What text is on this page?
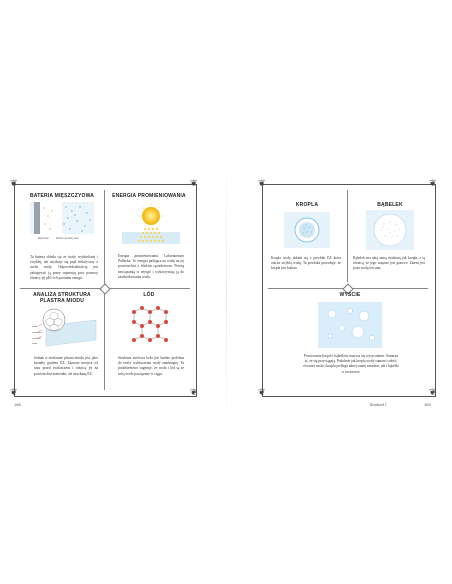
❦	❦
❦	❦
BATERIA MIĘSZCZYOWA
Wybór EZ	Wodne na strefy pow.
Ta bateria składa się ze środy wydzielonej i zwykłej, ale uzyskuje się prąd elektryczny z ruchu wody. Odpowiedzialnością jest zakupywać ją przez separację przy pomocy różnicy jej pH i ich poziomu energii.
ENERGIA PROMIENIOWANIA
Energia promieniowania: Laboratorium Pollacka. To energia padająca na wodę na jej powierzchni z bliskim sąsiedztwem. Pewną nawiązanką w energii i wykorzystują ją do zaadsorbowania wody.
ANALIZA STRUKTURA PLASTRA MIODU
woda
nanorurka
strefa EZ
woda
Jednak w strukturze plastra miodu jest, jako kształty grafenu EZ. Zajmuje miejsca od razu przed zwilżaczem i różnicą jej na powierzchni materiału, ale uzyskaną EZ.
LÓD
Struktura strefowa lodu jest bardzo podobna do strefy wykluczenia wody zamkniętej. Ta podobieństwo sugeruje, że woda i lód są ze sobą ściśle powiązane w ciągu.
168
❦	❦
❦	❦
KROPLA
Kropla wody składa się z powłoki EZ która otacza zwykłą wodę. Ta powłoka powoduje, że kropla jest kulista.
BĄBELEK
Bąbelek ma taką samą strukturę jak kropla, z tą różnicą, że jego wnętrze jest gazowe. Zatem jest poza wodą ten sam.
WYSCIE
Powiewanie kropel i bąbelków nazywa się wysycaniem. Oznacza to, że się przyciągają. Podobnie jak kropla wody stanowi całość, również woda i kropla podlega takiej samej zasadzie, jak i bąbelki w roztworze.
Rozdział 1	169
